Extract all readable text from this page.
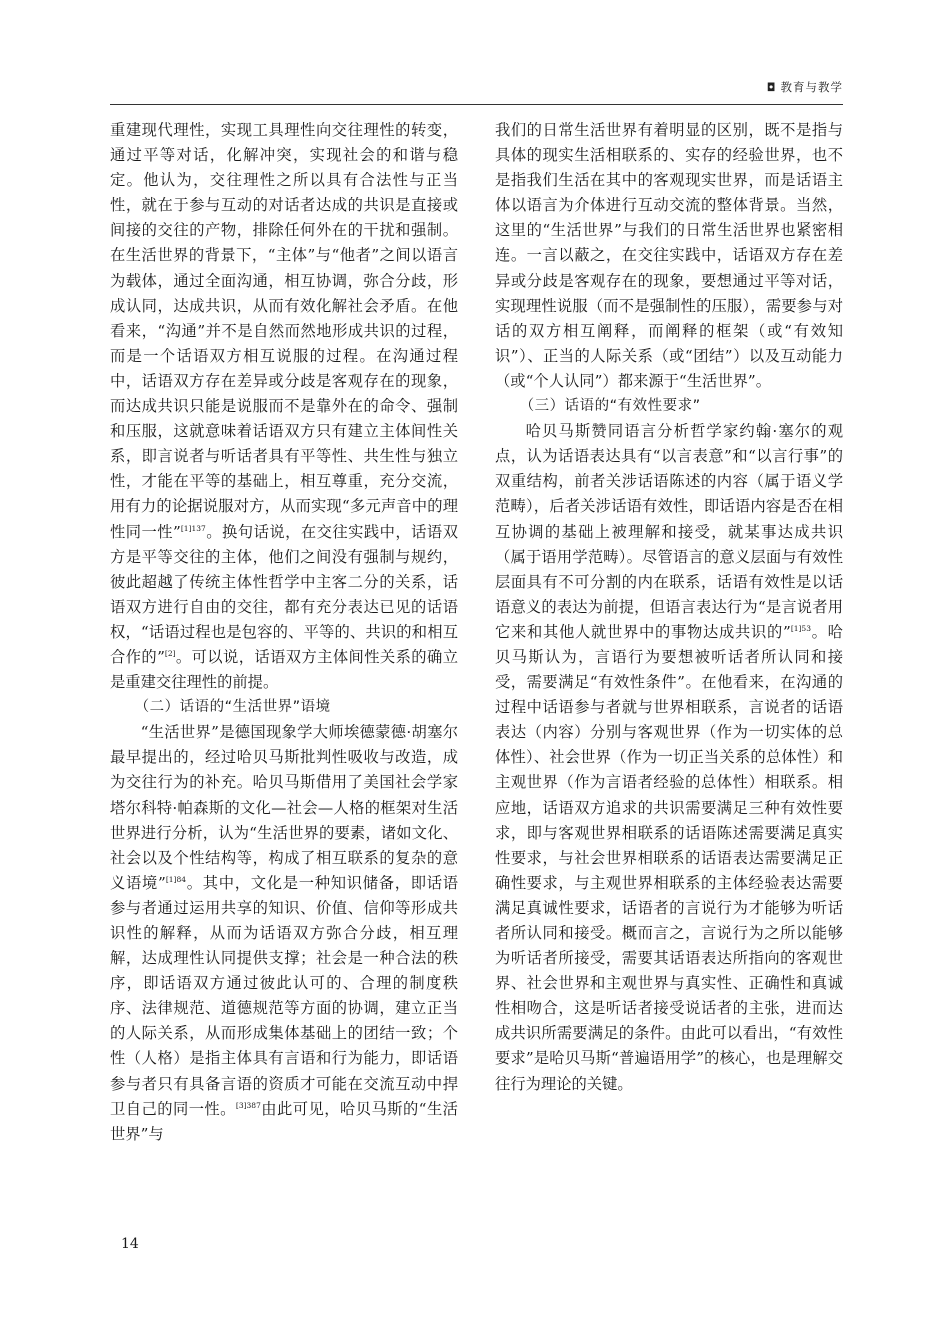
◘ 教育与教学

重建现代理性，实现工具理性向交往理性的转变，通过平等对话，化解冲突，实现社会的和谐与稳定。他认为，交往理性之所以具有合法性与正当性，就在于参与互动的对话者达成的共识是直接或间接的交往的产物，排除任何外在的干扰和强制。在生活世界的背景下，“主体”与“他者”之间以语言为载体，通过全面沟通，相互协调，弥合分歧，形成认同，达成共识，从而有效化解社会矛盾。在他看来，“沟通”并不是自然而然地形成共识的过程，而是一个话语双方相互说服的过程。在沟通过程中，话语双方存在差异或分歧是客观存在的现象，而达成共识只能是说服而不是靠外在的命令、强制和压服，这就意味着话语双方只有建立主体间性关系，即言说者与听话者具有平等性、共生性与独立性，才能在平等的基础上，相互尊重，充分交流，用有力的论据说服对方，从而实现“多元声音中的理性同一性”$^{[1]137}$。换句话说，在交往实践中，话语双方是平等交往的主体，他们之间没有强制与规约，彼此超越了传统主体性哲学中主客二分的关系，话语双方进行自由的交往，都有充分表达已见的话语权，“话语过程也是包容的、平等的、共识的和相互合作的”[2]。可以说，话语双方主体间性关系的确立是重建交往理性的前提。

（二）话语的“生活世界”语境

“生活世界”是德国现象学大师埃德蒙德·胡塞尔最早提出的，经过哈贝马斯批判性吸收与改造，成为交往行为的补充。哈贝马斯借用了美国社会学家塔尔科特·帕森斯的文化—社会—人格的框架对生活世界进行分析，认为“生活世界的要素，诸如文化、社会以及个性结构等，构成了相互联系的复杂的意义语境”$^{[1]84}$。其中，文化是一种知识储备，即话语参与者通过运用共享的知识、价值、信仰等形成共识性的解释，从而为话语双方弥合分歧，相互理解，达成理性认同提供支撑；社会是一种合法的秩序，即话语双方通过彼此认可的、合理的制度秩序、法律规范、道德规范等方面的协调，建立正当的人际关系，从而形成集体基础上的团结一致；个性（人格）是指主体具有言语和行为能力，即话语参与者只有具备言语的资质才可能在交流互动中捍卫自己的同一性。$^{[3]387}$由此可见，哈贝马斯的“生活世界”与

我们的日常生活世界有着明显的区别，既不是指与具体的现实生活相联系的、实存的经验世界，也不是指我们生活在其中的客观现实世界，而是话语主体以语言为介体进行互动交流的整体背景。当然，这里的“生活世界”与我们的日常生活世界也紧密相连。一言以蔽之，在交往实践中，话语双方存在差异或分歧是客观存在的现象，要想通过平等对话，实现理性说服（而不是强制性的压服），需要参与对话的双方相互阐释，而阐释的框架（或“有效知识”）、正当的人际关系（或“团结”）以及互动能力（或“个人认同”）都来源于“生活世界”。

（三）话语的“有效性要求”

哈贝马斯赞同语言分析哲学家约翰·塞尔的观点，认为话语表达具有“以言表意”和“以言行事”的双重结构，前者关涉话语陈述的内容（属于语义学范畴），后者关涉话语有效性，即话语内容是否在相互协调的基础上被理解和接受，就某事达成共识（属于语用学范畴）。尽管语言的意义层面与有效性层面具有不可分割的内在联系，话语有效性是以话语意义的表达为前提，但语言表达行为“是言说者用它来和其他人就世界中的事物达成共识的”$^{[1]53}$。哈贝马斯认为，言语行为要想被听话者所认同和接受，需要满足“有效性条件”。在他看来，在沟通的过程中话语参与者就与世界相联系，言说者的话语表达（内容）分别与客观世界（作为一切实体的总体性）、社会世界（作为一切正当关系的总体性）和主观世界（作为言语者经验的总体性）相联系。相应地，话语双方追求的共识需要满足三种有效性要求，即与客观世界相联系的话语陈述需要满足真实性要求，与社会世界相联系的话语表达需要满足正确性要求，与主观世界相联系的主体经验表达需要满足真诚性要求，话语者的言说行为才能够为听话者所认同和接受。概而言之，言说行为之所以能够为听话者所接受，需要其话语表达所指向的客观世界、社会世界和主观世界与真实性、正确性和真诚性相吻合，这是听话者接受说话者的主张，进而达成共识所需要满足的条件。由此可以看出，“有效性要求”是哈贝马斯“普遍语用学”的核心，也是理解交往行为理论的关键。

14
